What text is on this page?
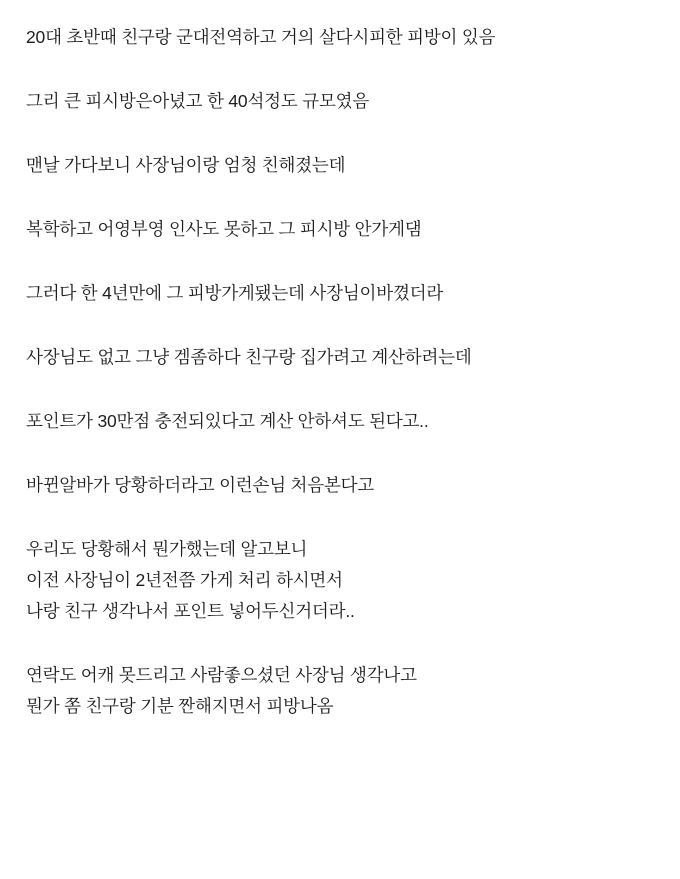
20대 초반때 친구랑 군대전역하고 거의 살다시피한 피방이 있음
그리 큰 피시방은아녔고 한 40석정도 규모였음
맨날 가다보니 사장님이랑 엄청 친해졌는데
복학하고 어영부영 인사도 못하고 그 피시방 안가게댐
그러다 한 4년만에 그 피방가게됐는데 사장님이바꼈더라
사장님도 없고 그냥 겜좀하다 친구랑 집가려고 계산하려는데
포인트가 30만점 충전되있다고 계산 안하셔도 된다고..
바뀐알바가 당황하더라고 이런손님 처음본다고
우리도 당황해서 뭔가했는데 알고보니
이전 사장님이 2년전쯤 가게 처리 하시면서
나랑 친구 생각나서 포인트 넣어두신거더라..
연락도 어캐 못드리고 사람좋으셨던 사장님 생각나고
뭔가 쫌 친구랑 기분 짠해지면서 피방나옴
